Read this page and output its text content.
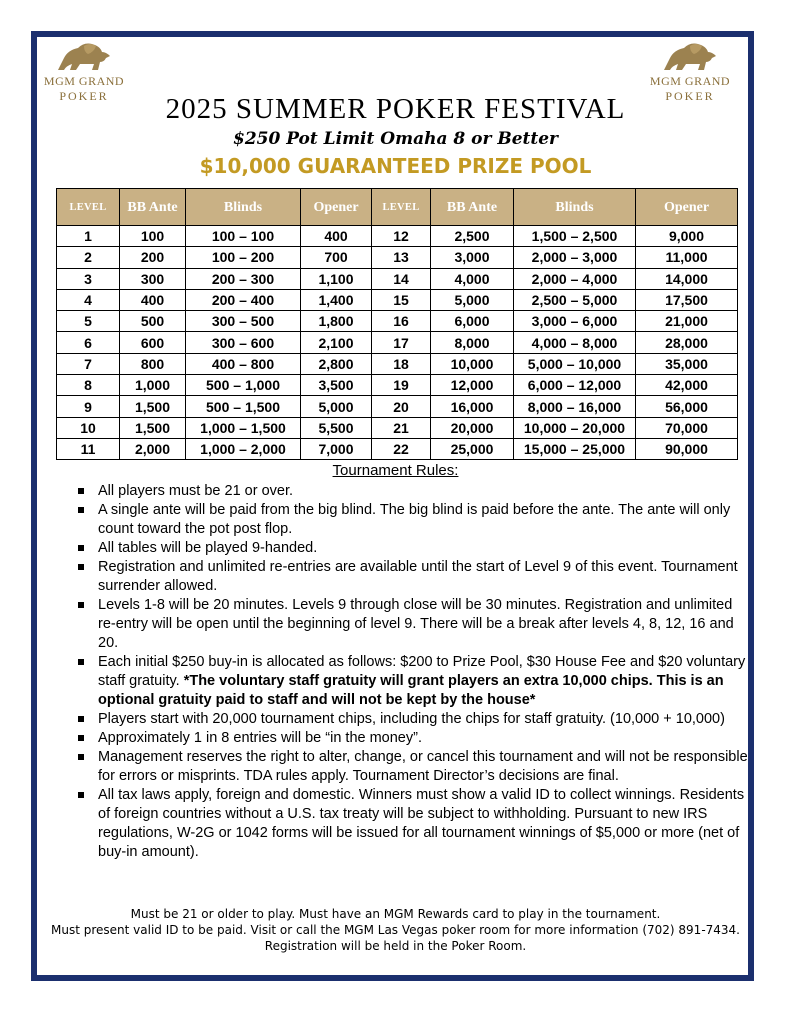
MGM GRAND
POKER
MGM GRAND
POKER
2025 SUMMER POKER FESTIVAL
$250 Pot Limit Omaha 8 or Better
$10,000 GUARANTEED PRIZE POOL
LEVEL	BB Ante	Blinds	Opener	LEVEL	BB Ante	Blinds	Opener
1	100	100 – 100	400	12	2,500	1,500 – 2,500	9,000
2	200	100 – 200	700	13	3,000	2,000 – 3,000	11,000
3	300	200 – 300	1,100	14	4,000	2,000 – 4,000	14,000
4	400	200 – 400	1,400	15	5,000	2,500 – 5,000	17,500
5	500	300 – 500	1,800	16	6,000	3,000 – 6,000	21,000
6	600	300 – 600	2,100	17	8,000	4,000 – 8,000	28,000
7	800	400 – 800	2,800	18	10,000	5,000 – 10,000	35,000
8	1,000	500 – 1,000	3,500	19	12,000	6,000 – 12,000	42,000
9	1,500	500 – 1,500	5,000	20	16,000	8,000 – 16,000	56,000
10	1,500	1,000 – 1,500	5,500	21	20,000	10,000 – 20,000	70,000
11	2,000	1,000 – 2,000	7,000	22	25,000	15,000 – 25,000	90,000
Tournament Rules:
All players must be 21 or over.
A single ante will be paid from the big blind. The big blind is paid before the ante. The ante will only count toward the pot post flop.
All tables will be played 9-handed.
Registration and unlimited re-entries are available until the start of Level 9 of this event. Tournament surrender allowed.
Levels 1-8 will be 20 minutes. Levels 9 through close will be 30 minutes. Registration and unlimited re-entry will be open until the beginning of level 9. There will be a break after levels 4, 8, 12, 16 and 20.
Each initial $250 buy-in is allocated as follows: $200 to Prize Pool, $30 House Fee and $20 voluntary staff gratuity. *The voluntary staff gratuity will grant players an extra 10,000 chips. This is an optional gratuity paid to staff and will not be kept by the house*
Players start with 20,000 tournament chips, including the chips for staff gratuity. (10,000 + 10,000)
Approximately 1 in 8 entries will be “in the money”.
Management reserves the right to alter, change, or cancel this tournament and will not be responsible for errors or misprints. TDA rules apply. Tournament Director’s decisions are final.
All tax laws apply, foreign and domestic. Winners must show a valid ID to collect winnings. Residents of foreign countries without a U.S. tax treaty will be subject to withholding. Pursuant to new IRS regulations, W-2G or 1042 forms will be issued for all tournament winnings of $5,000 or more (net of buy-in amount).
Must be 21 or older to play. Must have an MGM Rewards card to play in the tournament.
Must present valid ID to be paid. Visit or call the MGM Las Vegas poker room for more information (702) 891-7434. Registration will be held in the Poker Room.
